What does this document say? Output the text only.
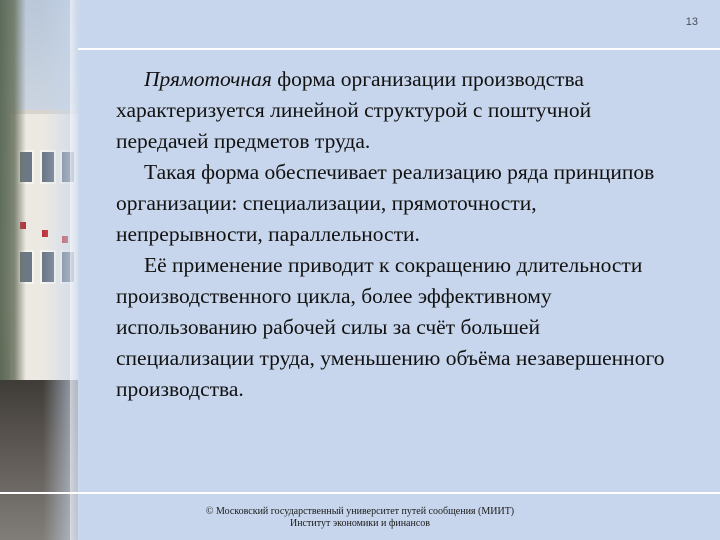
13

Прямоточная форма организации производства характеризуется линейной структурой с поштучной передачей предметов труда.

Такая форма обеспечивает реализацию ряда принципов организации: специализации, прямоточности, непрерывности, параллельности.

Её применение приводит к сокращению длительности производственного цикла, более эффективному использованию рабочей силы за счёт большей специализации труда, уменьшению объёма незавершенного производства.

© Московский государственный университет путей сообщения (МИИТ)
Институт экономики и финансов
